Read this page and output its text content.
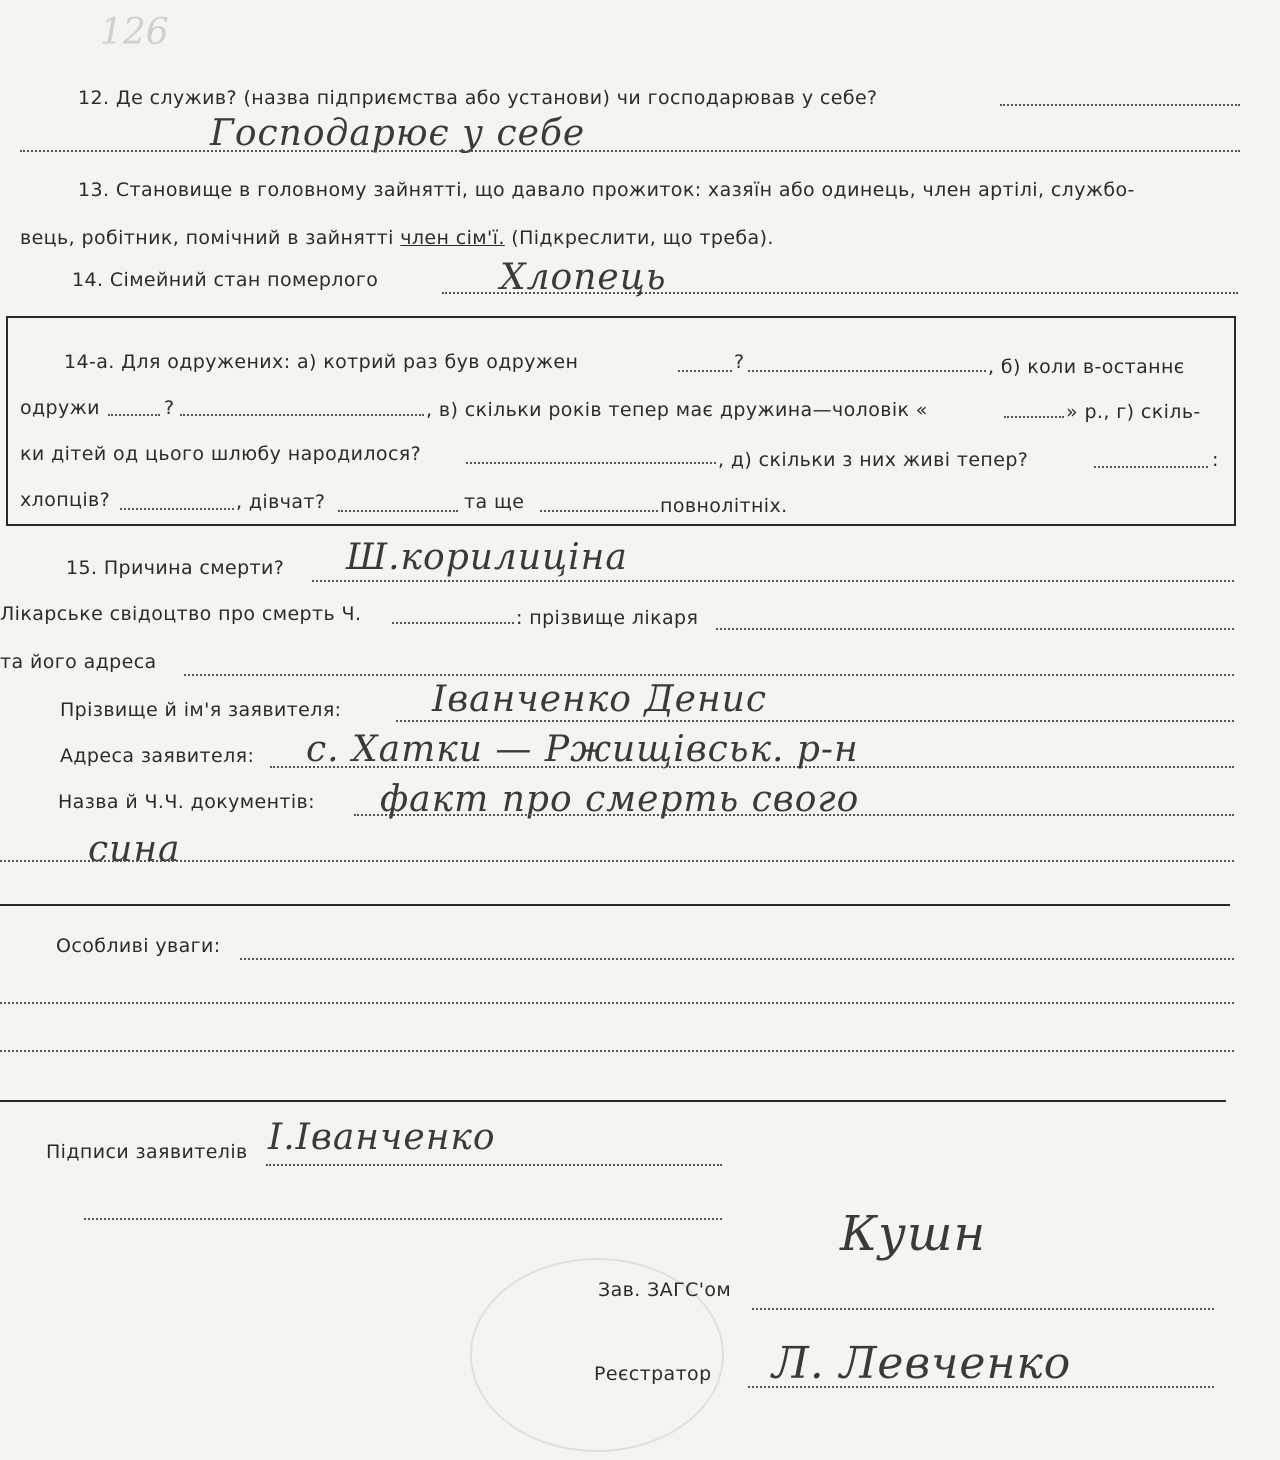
126
12. Де служив? (назва підприємства або установи) чи господарював у себе?
Господарює у себе
13. Становище в головному зайнятті, що давало прожиток: хазяїн або одинець, член артілі, службо-
вець, робітник, помічний в зайнятті член сім'ї. (Підкреслити, що треба).
14. Сімейний стан померлого	Хлопець
14-а. Для одружених: а) котрий раз був одружен	?	, б) коли в-останнє
одружи	?	, в) скільки років тепер має дружина—чоловік «	» р., г) скіль-
ки дітей од цього шлюбу народилося?	, д) скільки з них живі тепер?	:
хлопців?	, дівчат?	та ще	повнолітніх.
15. Причина смерти? Ш.корилиціна
Лікарське свідоцтво про смерть Ч.	: прізвище лікаря
та його адреса
Прізвище й ім'я заявителя:	Іванченко Денис
Адреса заявителя: с. Хатки — Ржищівськ. р-н
Назва й Ч.Ч. документів: факт про смерть свого
сина
Особливі уваги:
Підписи заявителів І.Іванченко
Зав. ЗАГС'ом
Кушн
Реєстратор Л. Левченко
